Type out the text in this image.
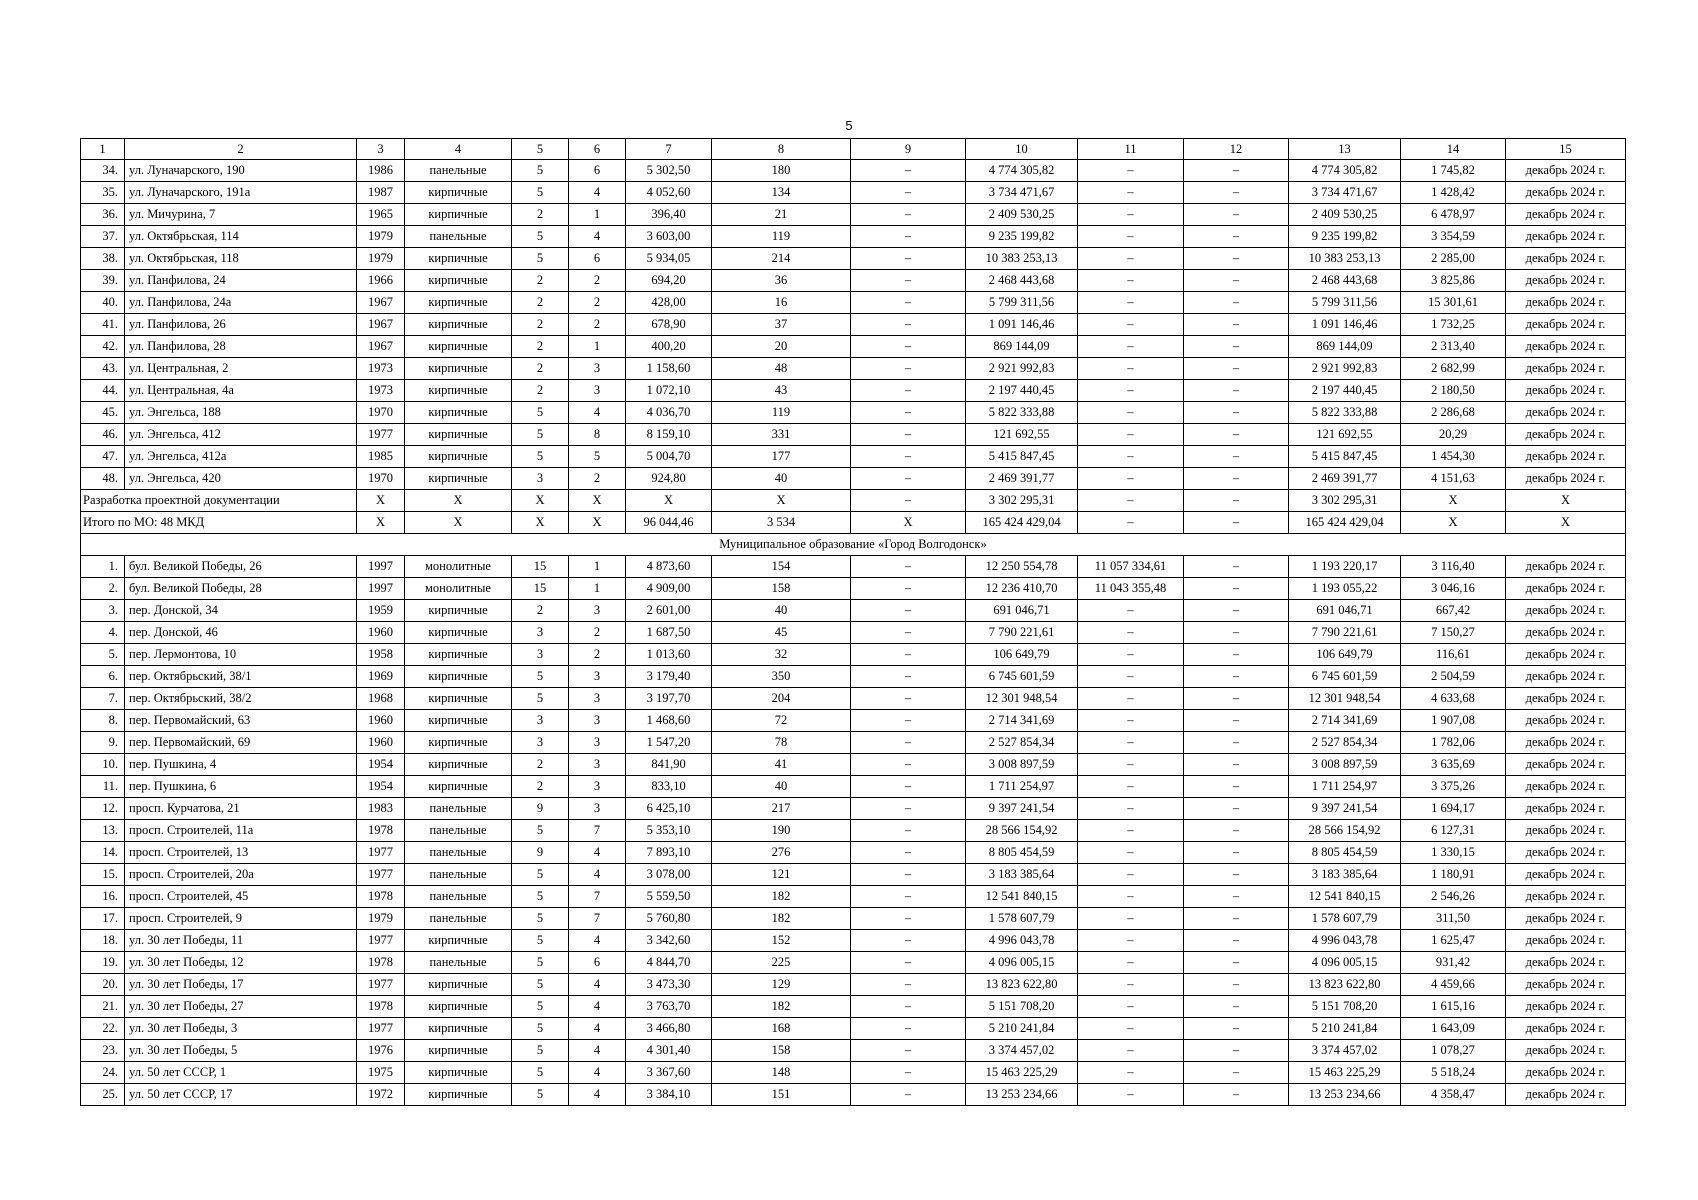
5
1	2	3	4	5	6	7	8	9	10	11	12	13	14	15
34.	ул. Луначарского, 190	1986	панельные	5	6	5 302,50	180	–	4 774 305,82	–	–	4 774 305,82	1 745,82	декабрь 2024 г.
35.	ул. Луначарского, 191а	1987	кирпичные	5	4	4 052,60	134	–	3 734 471,67	–	–	3 734 471,67	1 428,42	декабрь 2024 г.
36.	ул. Мичурина, 7	1965	кирпичные	2	1	396,40	21	–	2 409 530,25	–	–	2 409 530,25	6 478,97	декабрь 2024 г.
37.	ул. Октябрьская, 114	1979	панельные	5	4	3 603,00	119	–	9 235 199,82	–	–	9 235 199,82	3 354,59	декабрь 2024 г.
38.	ул. Октябрьская, 118	1979	кирпичные	5	6	5 934,05	214	–	10 383 253,13	–	–	10 383 253,13	2 285,00	декабрь 2024 г.
39.	ул. Панфилова, 24	1966	кирпичные	2	2	694,20	36	–	2 468 443,68	–	–	2 468 443,68	3 825,86	декабрь 2024 г.
40.	ул. Панфилова, 24а	1967	кирпичные	2	2	428,00	16	–	5 799 311,56	–	–	5 799 311,56	15 301,61	декабрь 2024 г.
41.	ул. Панфилова, 26	1967	кирпичные	2	2	678,90	37	–	1 091 146,46	–	–	1 091 146,46	1 732,25	декабрь 2024 г.
42.	ул. Панфилова, 28	1967	кирпичные	2	1	400,20	20	–	869 144,09	–	–	869 144,09	2 313,40	декабрь 2024 г.
43.	ул. Центральная, 2	1973	кирпичные	2	3	1 158,60	48	–	2 921 992,83	–	–	2 921 992,83	2 682,99	декабрь 2024 г.
44.	ул. Центральная, 4а	1973	кирпичные	2	3	1 072,10	43	–	2 197 440,45	–	–	2 197 440,45	2 180,50	декабрь 2024 г.
45.	ул. Энгельса, 188	1970	кирпичные	5	4	4 036,70	119	–	5 822 333,88	–	–	5 822 333,88	2 286,68	декабрь 2024 г.
46.	ул. Энгельса, 412	1977	кирпичные	5	8	8 159,10	331	–	121 692,55	–	–	121 692,55	20,29	декабрь 2024 г.
47.	ул. Энгельса, 412а	1985	кирпичные	5	5	5 004,70	177	–	5 415 847,45	–	–	5 415 847,45	1 454,30	декабрь 2024 г.
48.	ул. Энгельса, 420	1970	кирпичные	3	2	924,80	40	–	2 469 391,77	–	–	2 469 391,77	4 151,63	декабрь 2024 г.
Разработка проектной документации		Х	Х	Х	Х	Х	Х	–	3 302 295,31	–	–	3 302 295,31	Х	Х
Итого по МО: 48 МКД		Х	Х	Х	Х	96 044,46	3 534	Х	165 424 429,04	–	–	165 424 429,04	Х	Х
Муниципальное образование «Город Волгодонск»														
1.	бул. Великой Победы, 26	1997	монолитные	15	1	4 873,60	154	–	12 250 554,78	11 057 334,61	–	1 193 220,17	3 116,40	декабрь 2024 г.
2.	бул. Великой Победы, 28	1997	монолитные	15	1	4 909,00	158	–	12 236 410,70	11 043 355,48	–	1 193 055,22	3 046,16	декабрь 2024 г.
3.	пер. Донской, 34	1959	кирпичные	2	3	2 601,00	40	–	691 046,71	–	–	691 046,71	667,42	декабрь 2024 г.
4.	пер. Донской, 46	1960	кирпичные	3	2	1 687,50	45	–	7 790 221,61	–	–	7 790 221,61	7 150,27	декабрь 2024 г.
5.	пер. Лермонтова, 10	1958	кирпичные	3	2	1 013,60	32	–	106 649,79	–	–	106 649,79	116,61	декабрь 2024 г.
6.	пер. Октябрьский, 38/1	1969	кирпичные	5	3	3 179,40	350	–	6 745 601,59	–	–	6 745 601,59	2 504,59	декабрь 2024 г.
7.	пер. Октябрьский, 38/2	1968	кирпичные	5	3	3 197,70	204	–	12 301 948,54	–	–	12 301 948,54	4 633,68	декабрь 2024 г.
8.	пер. Первомайский, 63	1960	кирпичные	3	3	1 468,60	72	–	2 714 341,69	–	–	2 714 341,69	1 907,08	декабрь 2024 г.
9.	пер. Первомайский, 69	1960	кирпичные	3	3	1 547,20	78	–	2 527 854,34	–	–	2 527 854,34	1 782,06	декабрь 2024 г.
10.	пер. Пушкина, 4	1954	кирпичные	2	3	841,90	41	–	3 008 897,59	–	–	3 008 897,59	3 635,69	декабрь 2024 г.
11.	пер. Пушкина, 6	1954	кирпичные	2	3	833,10	40	–	1 711 254,97	–	–	1 711 254,97	3 375,26	декабрь 2024 г.
12.	просп. Курчатова, 21	1983	панельные	9	3	6 425,10	217	–	9 397 241,54	–	–	9 397 241,54	1 694,17	декабрь 2024 г.
13.	просп. Строителей, 11а	1978	панельные	5	7	5 353,10	190	–	28 566 154,92	–	–	28 566 154,92	6 127,31	декабрь 2024 г.
14.	просп. Строителей, 13	1977	панельные	9	4	7 893,10	276	–	8 805 454,59	–	–	8 805 454,59	1 330,15	декабрь 2024 г.
15.	просп. Строителей, 20а	1977	панельные	5	4	3 078,00	121	–	3 183 385,64	–	–	3 183 385,64	1 180,91	декабрь 2024 г.
16.	просп. Строителей, 45	1978	панельные	5	7	5 559,50	182	–	12 541 840,15	–	–	12 541 840,15	2 546,26	декабрь 2024 г.
17.	просп. Строителей, 9	1979	панельные	5	7	5 760,80	182	–	1 578 607,79	–	–	1 578 607,79	311,50	декабрь 2024 г.
18.	ул. 30 лет Победы, 11	1977	кирпичные	5	4	3 342,60	152	–	4 996 043,78	–	–	4 996 043,78	1 625,47	декабрь 2024 г.
19.	ул. 30 лет Победы, 12	1978	панельные	5	6	4 844,70	225	–	4 096 005,15	–	–	4 096 005,15	931,42	декабрь 2024 г.
20.	ул. 30 лет Победы, 17	1977	кирпичные	5	4	3 473,30	129	–	13 823 622,80	–	–	13 823 622,80	4 459,66	декабрь 2024 г.
21.	ул. 30 лет Победы, 27	1978	кирпичные	5	4	3 763,70	182	–	5 151 708,20	–	–	5 151 708,20	1 615,16	декабрь 2024 г.
22.	ул. 30 лет Победы, 3	1977	кирпичные	5	4	3 466,80	168	–	5 210 241,84	–	–	5 210 241,84	1 643,09	декабрь 2024 г.
23.	ул. 30 лет Победы, 5	1976	кирпичные	5	4	4 301,40	158	–	3 374 457,02	–	–	3 374 457,02	1 078,27	декабрь 2024 г.
24.	ул. 50 лет СССР, 1	1975	кирпичные	5	4	3 367,60	148	–	15 463 225,29	–	–	15 463 225,29	5 518,24	декабрь 2024 г.
25.	ул. 50 лет СССР, 17	1972	кирпичные	5	4	3 384,10	151	–	13 253 234,66	–	–	13 253 234,66	4 358,47	декабрь 2024 г.
